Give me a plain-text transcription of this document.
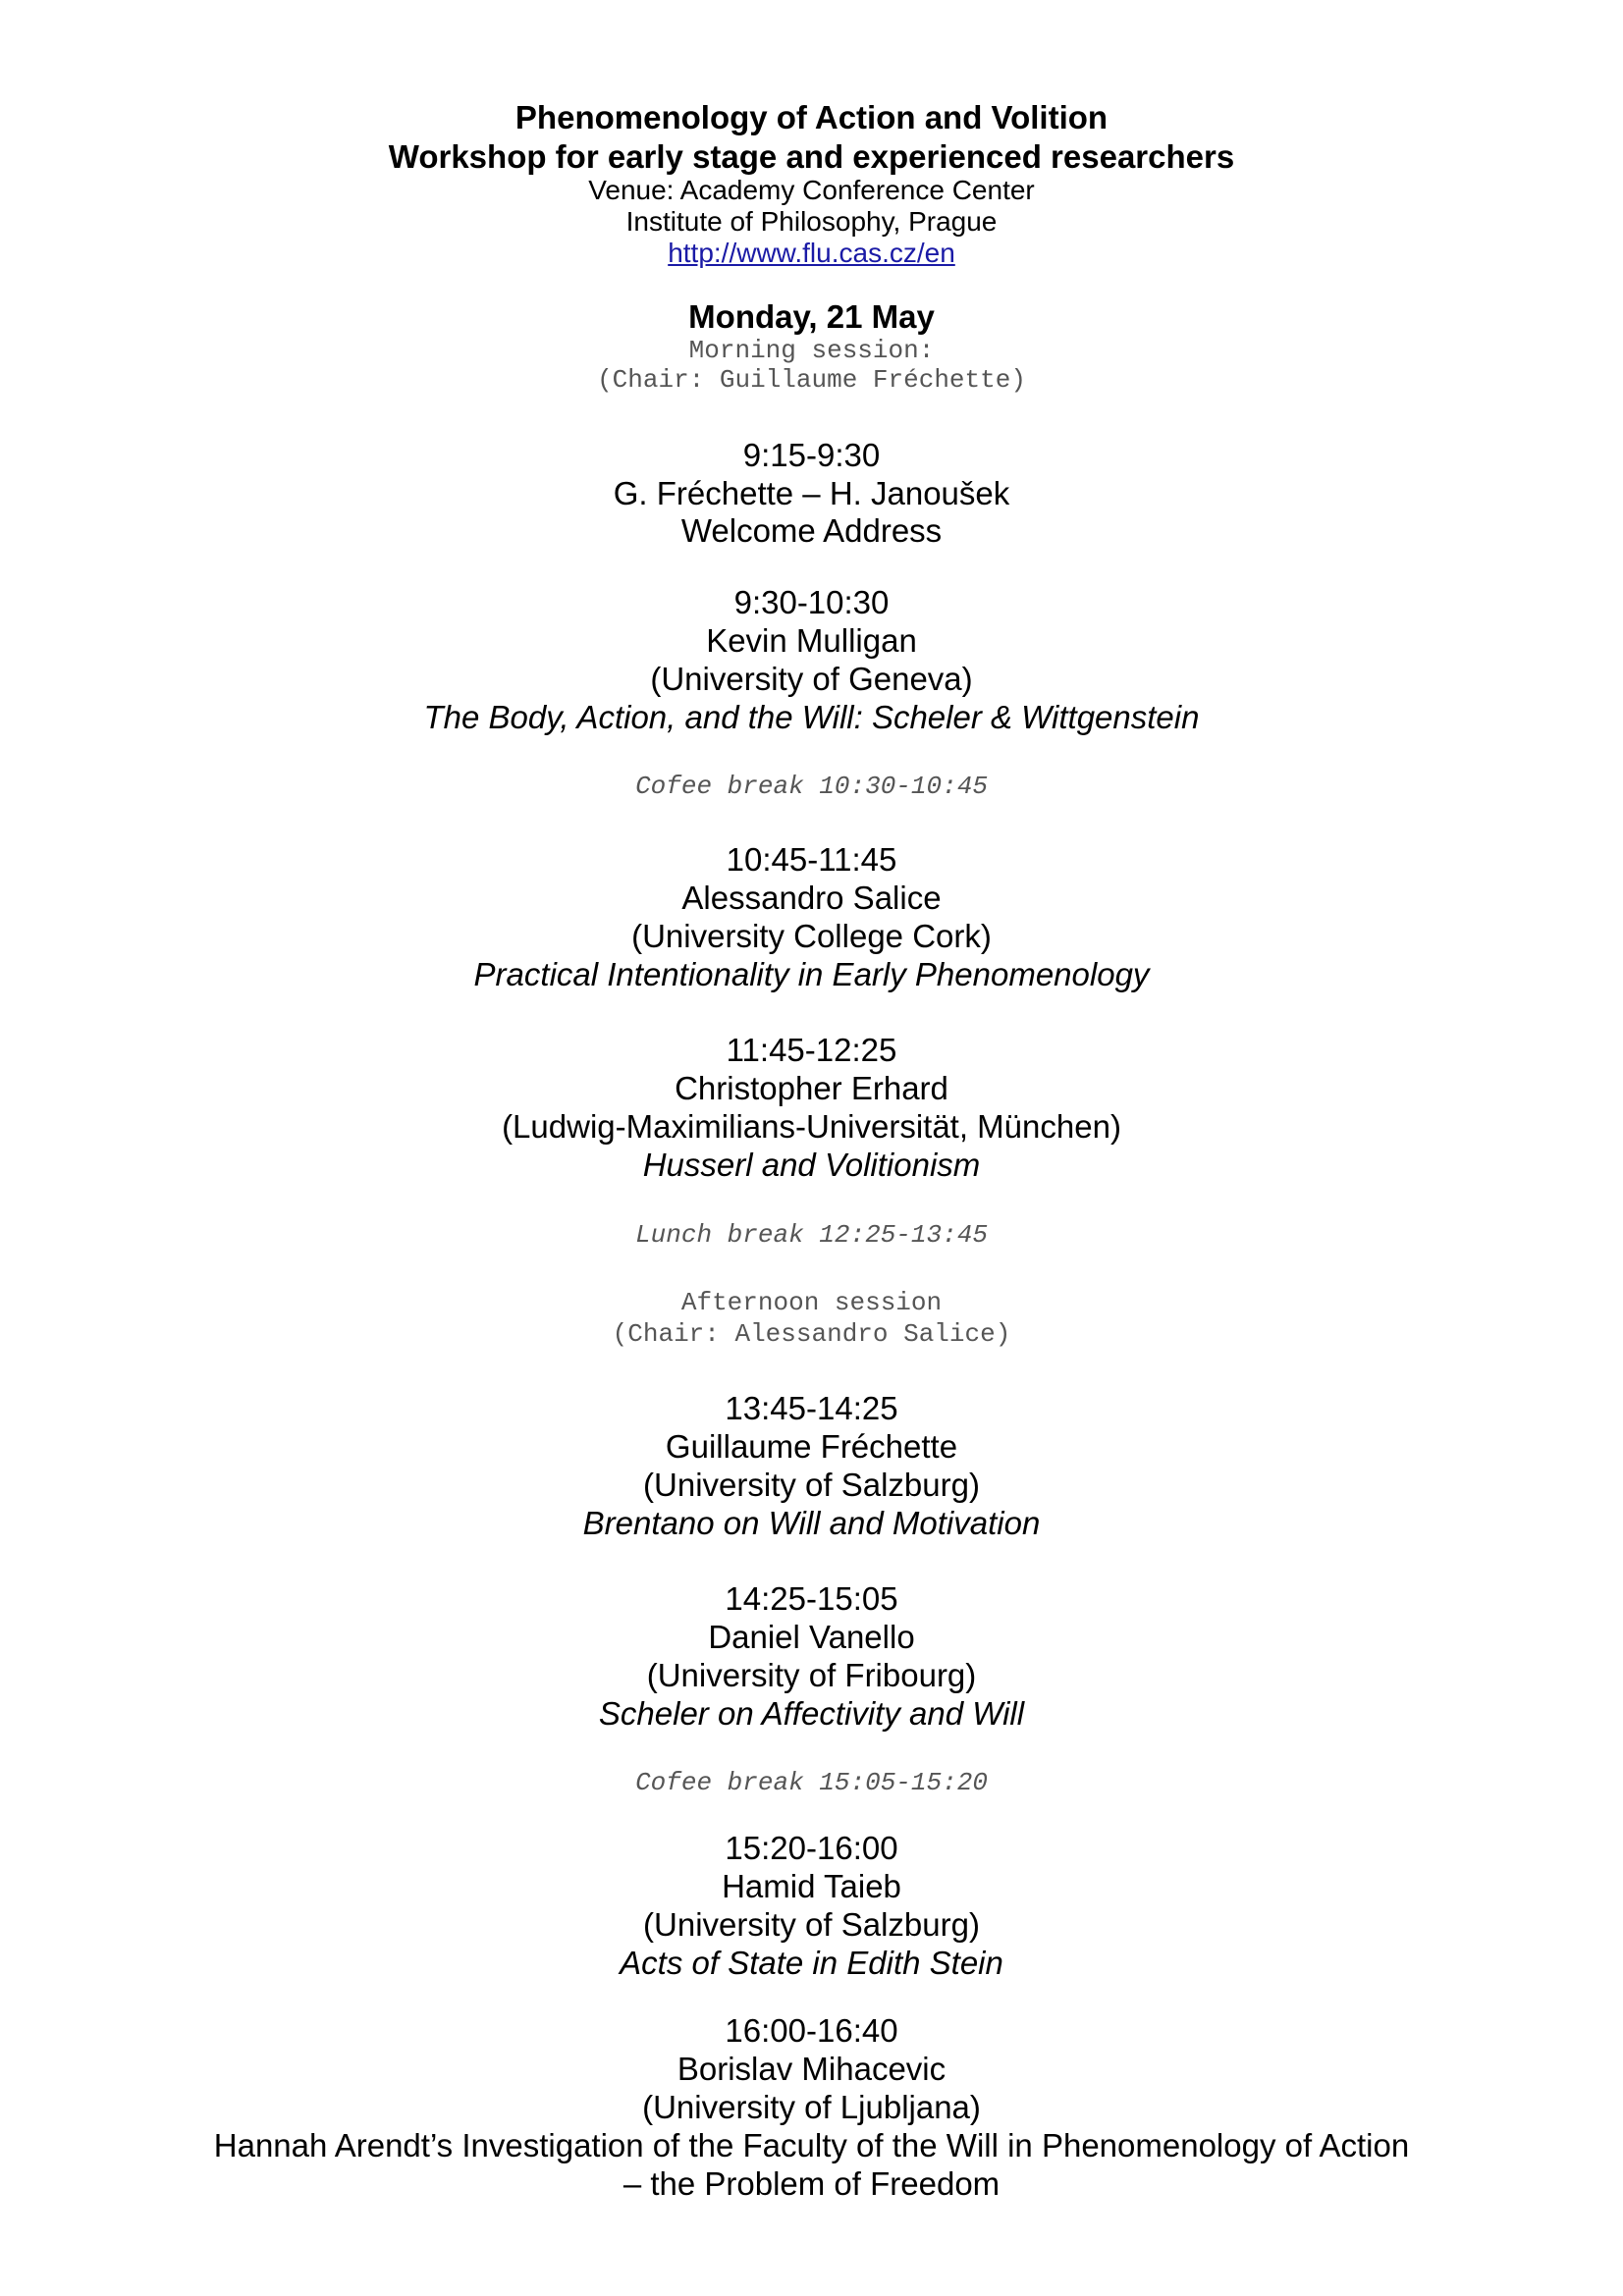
Phenomenology of Action and Volition
Workshop for early stage and experienced researchers
Venue: Academy Conference Center
Institute of Philosophy, Prague
http://www.flu.cas.cz/en
Monday, 21 May
Morning session:
(Chair: Guillaume Fréchette)
9:15-9:30
G. Fréchette – H. Janoušek
Welcome Address
9:30-10:30
Kevin Mulligan
(University of Geneva)
The Body, Action, and the Will: Scheler & Wittgenstein
Cofee break 10:30-10:45
10:45-11:45
Alessandro Salice
(University College Cork)
Practical Intentionality in Early Phenomenology
11:45-12:25
Christopher Erhard
(Ludwig-Maximilians-Universität, München)
Husserl and Volitionism
Lunch break 12:25-13:45
Afternoon session
(Chair: Alessandro Salice)
13:45-14:25
Guillaume Fréchette
(University of Salzburg)
Brentano on Will and Motivation
14:25-15:05
Daniel Vanello
(University of Fribourg)
Scheler on Affectivity and Will
Cofee break 15:05-15:20
15:20-16:00
Hamid Taieb
(University of Salzburg)
Acts of State in Edith Stein
16:00-16:40
Borislav Mihacevic
(University of Ljubljana)
Hannah Arendt’s Investigation of the Faculty of the Will in Phenomenology of Action
– the Problem of Freedom
